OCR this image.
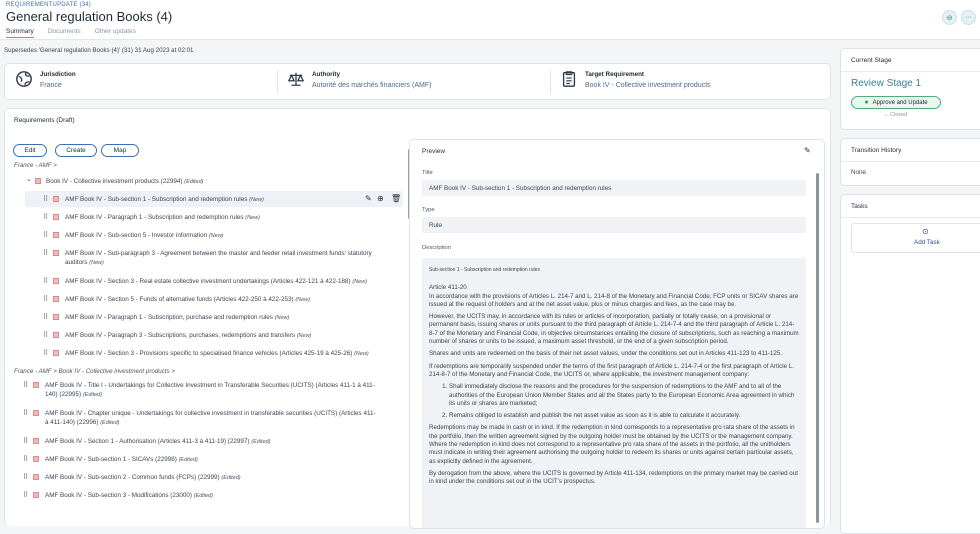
REQUIREMENTUPDATE (34)
General regulation Books (4)
Summary Documents Other updates
⊖	···
Supersedes 'General regulation Books (4)' (31) 31 Aug 2023 at 02:01
Jurisdiction
France
Authority
Autorité des marchés financiers (AMF)
Target Requirement
Book IV - Collective investment products
Requirements (Draft)
Edit	Create	Map
France - AMF >
⌄ Book IV - Collective investment products (22994) (Edited)
✎ ⊕ 🗑
⠿	AMF Book IV - Sub-section 1 - Subscription and redemption rules (New)
⠿	AMF Book IV - Paragraph 1 - Subscription and redemption rules (New)
⠿	AMF Book IV - Sub-section 5 - Investor information (New)
⠿	AMF Book IV - Sub-paragraph 3 - Agreement between the master and feeder retail investment funds' statutory
auditors (New)
⠿	AMF Book IV - Section 3 - Real estate collective investment undertakings (Articles 422-121 à 422-188) (New)
⠿	AMF Book IV - Section 5 - Funds of alternative funds (Articles 422-250 à 422-253) (New)
⠿	AMF Book IV - Paragraph 1 - Subscription, purchase and redemption rules (New)
⠿	AMF Book IV - Paragraph 3 - Subscriptions, purchases, redemptions and transfers (New)
⠿	AMF Book IV - Section 3 - Provisions specific to specialised finance vehicles (Articles 425-19 à 425-26) (New)
France - AMF > Book IV - Collective investment products >
⠿	AMF Book IV - Title I - Undertakings for Collective Investment in Transferable Securities (UCITS) (Articles 411-1 à 411-
140) (22995) (Edited)
⠿	AMF Book IV - Chapter unique - Undertakings for collective investment in transferable securities (UCITS) (Articles 411-
à 411-140) (22996) (Edited)
⠿	AMF Book IV - Section 1 - Authorisation (Articles 411-3 à 411-19) (22997) (Edited)
⠿	AMF Book IV - Sub-section 1 - SICAVs (22998) (Edited)
⠿	AMF Book IV - Sub-section 2 - Common funds (FCPs) (22999) (Edited)
⠿	AMF Book IV - Sub-section 3 - Modifications (23000) (Edited)
Preview	✎
Title
AMF Book IV - Sub-section 1 - Subscription and redemption rules
Type
Rule
Description

Sub-section 1 - Subscription and redemption rules

Article 411-20

In accordance with the provisions of Articles L. 214-7 and L. 214-8 of the Monetary and Financial Code, FCP units or SICAV shares are issued at the request of holders and at the net asset value, plus or minus charges and fees, as the case may be.

However, the UCITS may, in accordance with its rules or articles of incorporation, partially or totally cease, on a provisional or permanent basis, issuing shares or units pursuant to the third paragraph of Article L. 214-7-4 and the third paragraph of Article L. 214-8-7 of the Monetary and Financial Code, in objective circumstances entailing the closure of subscriptions, such as reaching a maximum number of shares or units to be issued, a maximum asset threshold, or the end of a given subscription period.

Shares and units are redeemed on the basis of their net asset values, under the conditions set out in Articles 411-123 to 411-125.

If redemptions are temporarily suspended under the terms of the first paragraph of Article L. 214-7-4 or the first paragraph of Article L. 214-8-7 of the Monetary and Financial Code, the UCITS or, where applicable, the investment management company:

1. Shall immediately disclose the reasons and the procedures for the suspension of redemptions to the AMF and to all of the authorities of the European Union Member States and all the States party to the European Economic Area agreement in which its units or shares are marketed;
2. Remains obliged to establish and publish the net asset value as soon as it is able to calculate it accurately.

Redemptions may be made in cash or in kind. If the redemption in kind corresponds to a representative pro rata share of the assets in the portfolio, then the written agreement signed by the outgoing holder must be obtained by the UCITS or the management company. Where the redemption in kind does not correspond to a representative pro rata share of the assets in the portfolio, all the unitholders must indicate in writing their agreement authorising the outgoing holder to redeem its shares or units against certain particular assets, as explicitly defined in the agreement.

By derogation from the above, where the UCITS is governed by Article 411-134, redemptions on the primary market may be carried out in kind under the conditions set out in the UCIT's prospectus.

Current Stage
Review Stage 1
● Approve and Update
→ Closed
Transition History
None
Tasks
⊙
Add Task
